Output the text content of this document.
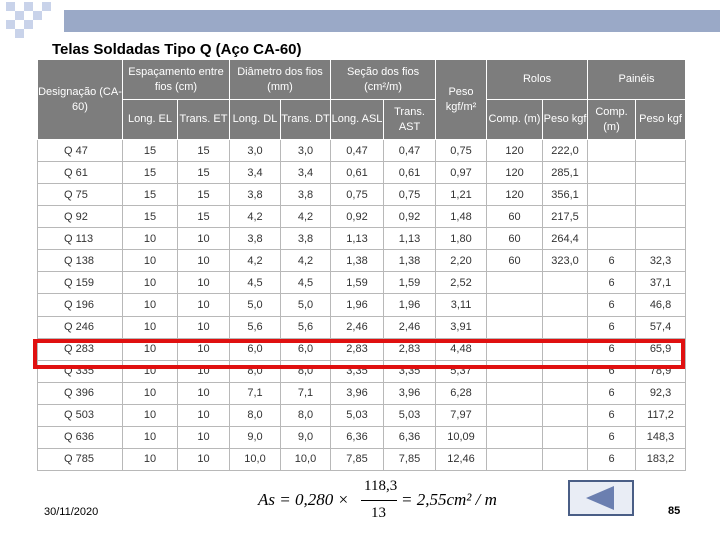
Telas Soldadas Tipo Q (Aço CA-60)
Designação (CA-60)	Espaçamento entre fios (cm)		Diâmetro dos fios (mm)		Seção dos fios (cm²/m)		Peso kgf/m²	Rolos		Painéis	
	Long. EL	Trans. ET	Long. DL	Trans. DT	Long. ASL	Trans. AST		Comp. (m)	Peso kgf	Comp. (m)	Peso kgf
Q 47	15	15	3,0	3,0	0,47	0,47	0,75	120	222,0		
Q 61	15	15	3,4	3,4	0,61	0,61	0,97	120	285,1		
Q 75	15	15	3,8	3,8	0,75	0,75	1,21	120	356,1		
Q 92	15	15	4,2	4,2	0,92	0,92	1,48	60	217,5		
Q 113	10	10	3,8	3,8	1,13	1,13	1,80	60	264,4		
Q 138	10	10	4,2	4,2	1,38	1,38	2,20	60	323,0	6	32,3
Q 159	10	10	4,5	4,5	1,59	1,59	2,52			6	37,1
Q 196	10	10	5,0	5,0	1,96	1,96	3,11			6	46,8
Q 246	10	10	5,6	5,6	2,46	2,46	3,91			6	57,4
Q 283	10	10	6,0	6,0	2,83	2,83	4,48			6	65,9
Q 335	10	10	8,0	8,0	3,35	3,35	5,37			6	78,9
Q 396	10	10	7,1	7,1	3,96	3,96	6,28			6	92,3
Q 503	10	10	8,0	8,0	5,03	5,03	7,97			6	117,2
Q 636	10	10	9,0	9,0	6,36	6,36	10,09			6	148,3
Q 785	10	10	10,0	10,0	7,85	7,85	12,46			6	183,2
30/11/2020
As = 0,280 ×
118,3
13
= 2,55cm² / m
85
